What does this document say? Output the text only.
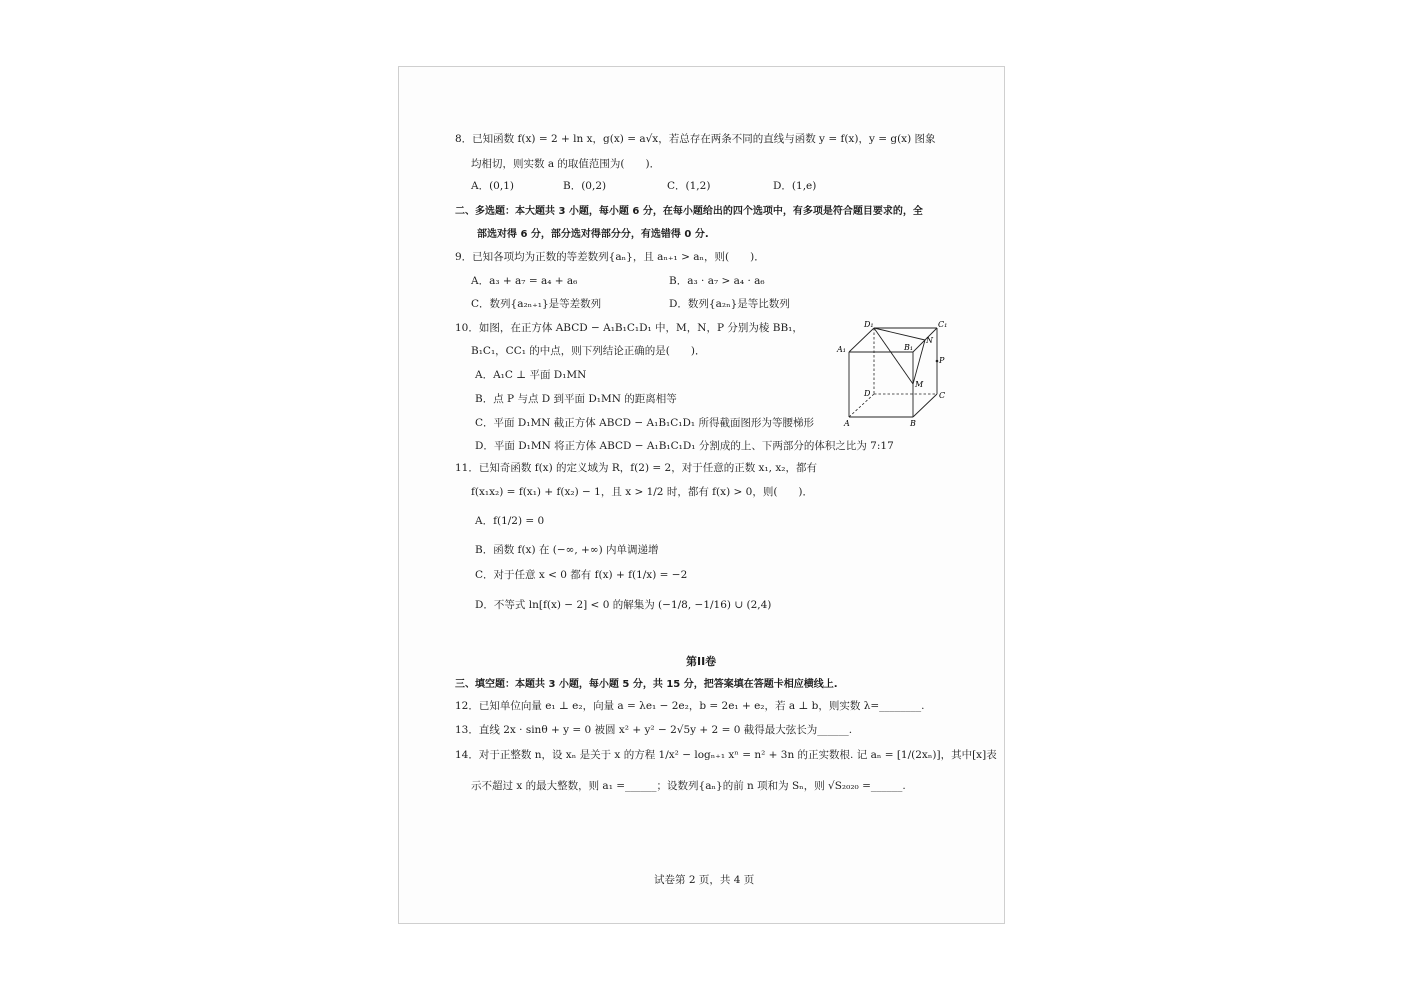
8．已知函数 f(x) = 2 + ln x，g(x) = a√x，若总存在两条不同的直线与函数 y = f(x)，y = g(x) 图象
均相切，则实数 a 的取值范围为(　　)．
A．(0,1)	B．(0,2)	C．(1,2)	D．(1,e)
二、多选题：本大题共 3 小题，每小题 6 分，在每小题给出的四个选项中，有多项是符合题目要求的，全
部选对得 6 分，部分选对得部分分，有选错得 0 分.
9．已知各项均为正数的等差数列{aₙ}，且 aₙ₊₁ > aₙ，则(　　)．
A．a₃ + a₇ = a₄ + a₆	B．a₃ · a₇ > a₄ · a₆
C．数列{a₂ₙ₊₁}是等差数列	D．数列{a₂ₙ}是等比数列
10．如图，在正方体 ABCD − A₁B₁C₁D₁ 中，M，N，P 分别为棱 BB₁，
B₁C₁，CC₁ 的中点，则下列结论正确的是(　　)．
A．A₁C ⊥ 平面 D₁MN
B．点 P 与点 D 到平面 D₁MN 的距离相等
C．平面 D₁MN 截正方体 ABCD − A₁B₁C₁D₁ 所得截面图形为等腰梯形
D．平面 D₁MN 将正方体 ABCD − A₁B₁C₁D₁ 分割成的上、下两部分的体积之比为 7:17
D₁	C₁
A₁	B₁
N
P
M
D	C
A	B
11．已知奇函数 f(x) 的定义域为 R，f(2) = 2，对于任意的正数 x₁, x₂，都有
f(x₁x₂) = f(x₁) + f(x₂) − 1，且 x > 1/2 时，都有 f(x) > 0，则(　　)．
A．f(1/2) = 0
B．函数 f(x) 在 (−∞, +∞) 内单调递增
C．对于任意 x < 0 都有 f(x) + f(1/x) = −2
D．不等式 ln[f(x) − 2] < 0 的解集为 (−1/8, −1/16) ∪ (2,4)
第II卷
三、填空题：本题共 3 小题，每小题 5 分，共 15 分，把答案填在答题卡相应横线上.
12．已知单位向量 e₁ ⊥ e₂，向量 a = λe₁ − 2e₂，b = 2e₁ + e₂，若 a ⊥ b，则实数 λ=________.
13．直线 2x · sinθ + y = 0 被圆 x² + y² − 2√5y + 2 = 0 截得最大弦长为______.
14．对于正整数 n，设 xₙ 是关于 x 的方程 1/x² − logₙ₊₁ xⁿ = n² + 3n 的正实数根. 记 aₙ = [1/(2xₙ)]，其中[x]表
示不超过 x 的最大整数，则 a₁ =______；设数列{aₙ}的前 n 项和为 Sₙ，则 √S₂₀₂₀ =______.
试卷第 2 页，共 4 页
